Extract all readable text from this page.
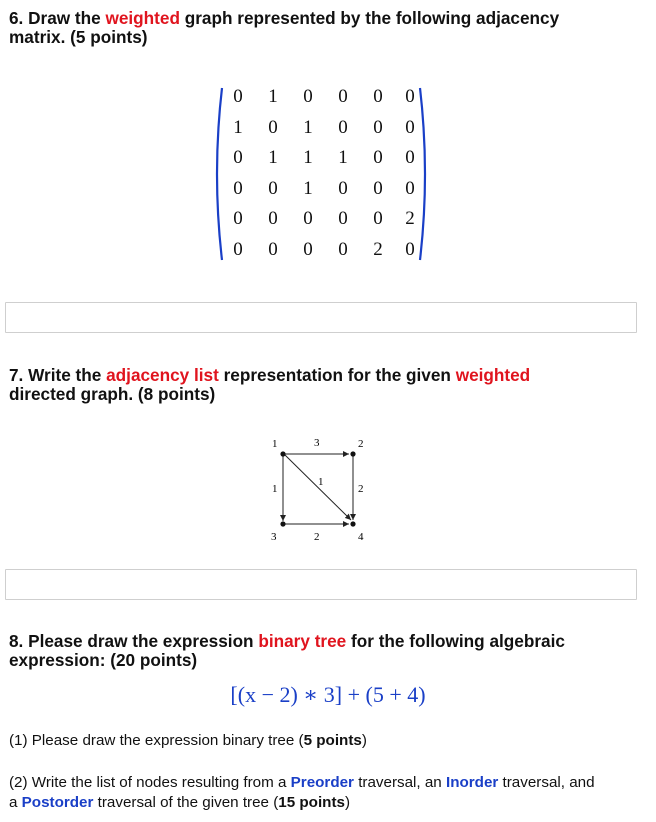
6. Draw the weighted graph represented by the following adjacency
matrix. (5 points)

0	1	0	0	0	0
1	0	1	0	0	0
0	1	1	1	0	0
0	0	1	0	0	0
0	0	0	0	0	2
0	0	0	0	2	0

7. Write the adjacency list representation for the given weighted
directed graph. (8 points)

1	2
3	4
3
1
1
2
2

8. Please draw the expression binary tree for the following algebraic
expression: (20 points)

[(x − 2) ∗ 3] + (5 + 4)
(1) Please draw the expression binary tree (5 points)
(2) Write the list of nodes resulting from a Preorder traversal, an Inorder traversal, and
a Postorder traversal of the given tree (15 points)
